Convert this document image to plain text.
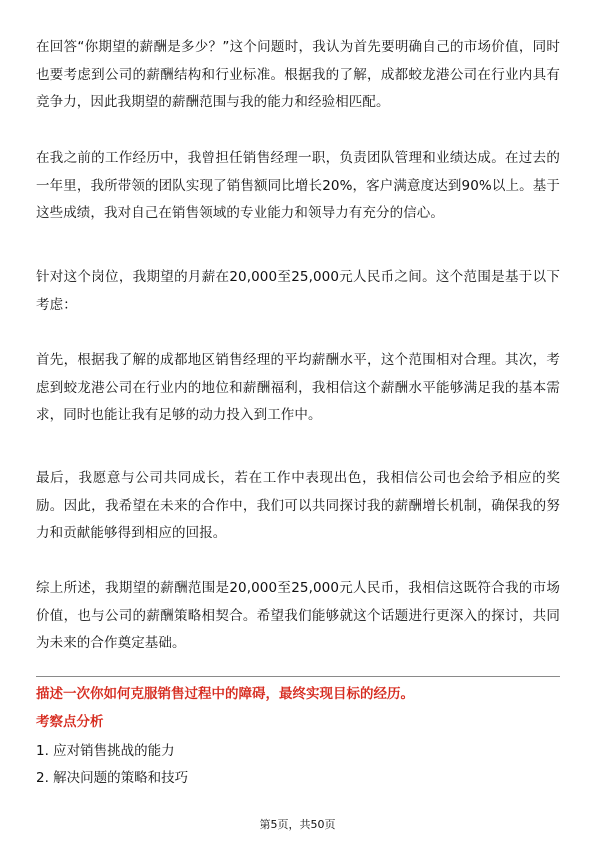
在回答“你期望的薪酬是多少？”这个问题时，我认为首先要明确自己的市场价值，同时也要考虑到公司的薪酬结构和行业标准。根据我的了解，成都蛟龙港公司在行业内具有竞争力，因此我期望的薪酬范围与我的能力和经验相匹配。

在我之前的工作经历中，我曾担任销售经理一职，负责团队管理和业绩达成。在过去的一年里，我所带领的团队实现了销售额同比增长20%，客户满意度达到90%以上。基于这些成绩，我对自己在销售领域的专业能力和领导力有充分的信心。

针对这个岗位，我期望的月薪在20,000至25,000元人民币之间。这个范围是基于以下考虑：

首先，根据我了解的成都地区销售经理的平均薪酬水平，这个范围相对合理。其次，考虑到蛟龙港公司在行业内的地位和薪酬福利，我相信这个薪酬水平能够满足我的基本需求，同时也能让我有足够的动力投入到工作中。

最后，我愿意与公司共同成长，若在工作中表现出色，我相信公司也会给予相应的奖励。因此，我希望在未来的合作中，我们可以共同探讨我的薪酬增长机制，确保我的努力和贡献能够得到相应的回报。

综上所述，我期望的薪酬范围是20,000至25,000元人民币，我相信这既符合我的市场价值，也与公司的薪酬策略相契合。希望我们能够就这个话题进行更深入的探讨，共同为未来的合作奠定基础。

描述一次你如何克服销售过程中的障碍，最终实现目标的经历。

考察点分析

1. 应对销售挑战的能力

2. 解决问题的策略和技巧

第5页，共50页
